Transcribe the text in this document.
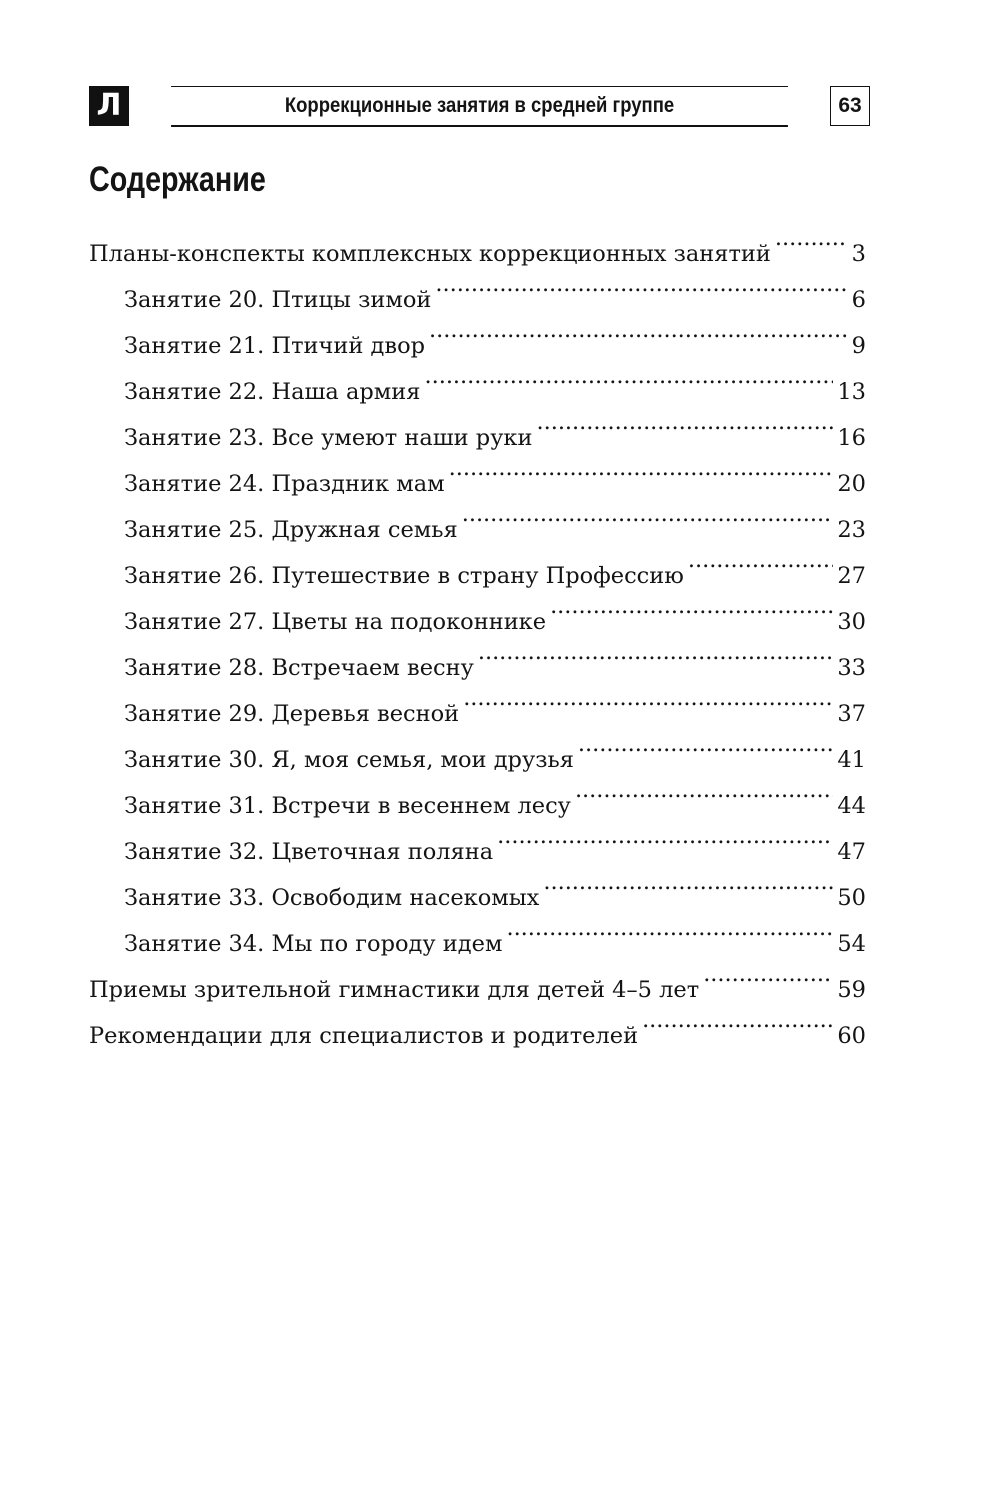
Л	Коррекционные занятия в средней группе	63
Содержание
Планы-конспекты комплексных коррекционных занятий . . .	3
Занятие 20. Птицы зимой . . .	6
Занятие 21. Птичий двор . . .	9
Занятие 22. Наша армия . . .	13
Занятие 23. Все умеют наши руки . . .	16
Занятие 24. Праздник мам . . .	20
Занятие 25. Дружная семья . . .	23
Занятие 26. Путешествие в страну Профессию . . .	27
Занятие 27. Цветы на подоконнике . . .	30
Занятие 28. Встречаем весну . . .	33
Занятие 29. Деревья весной . . .	37
Занятие 30. Я, моя семья, мои друзья . . .	41
Занятие 31. Встречи в весеннем лесу . . .	44
Занятие 32. Цветочная поляна . . .	47
Занятие 33. Освободим насекомых . . .	50
Занятие 34. Мы по городу идем . . .	54
Приемы зрительной гимнастики для детей 4–5 лет . . .	59
Рекомендации для специалистов и родителей . . .	60
